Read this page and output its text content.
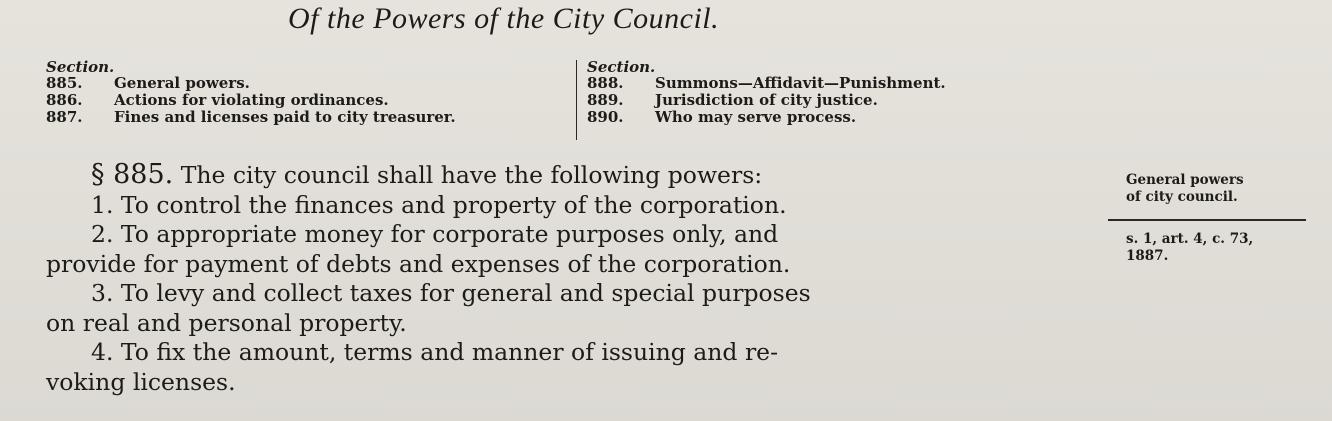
Of the Powers of the City Council.
Section.
885. General powers.
886. Actions for violating ordinances.
887. Fines and licenses paid to city treasurer.
Section.
888. Summons—Affidavit—Punishment.
889. Jurisdiction of city justice.
890. Who may serve process.
§ 885. The city council shall have the following powers:
1. To control the finances and property of the corporation.
2. To appropriate money for corporate purposes only, and
provide for payment of debts and expenses of the corporation.
3. To levy and collect taxes for general and special purposes
on real and personal property.
4. To fix the amount, terms and manner of issuing and re-
voking licenses.
General powers
of city council.
s. 1, art. 4, c. 73,
1887.
